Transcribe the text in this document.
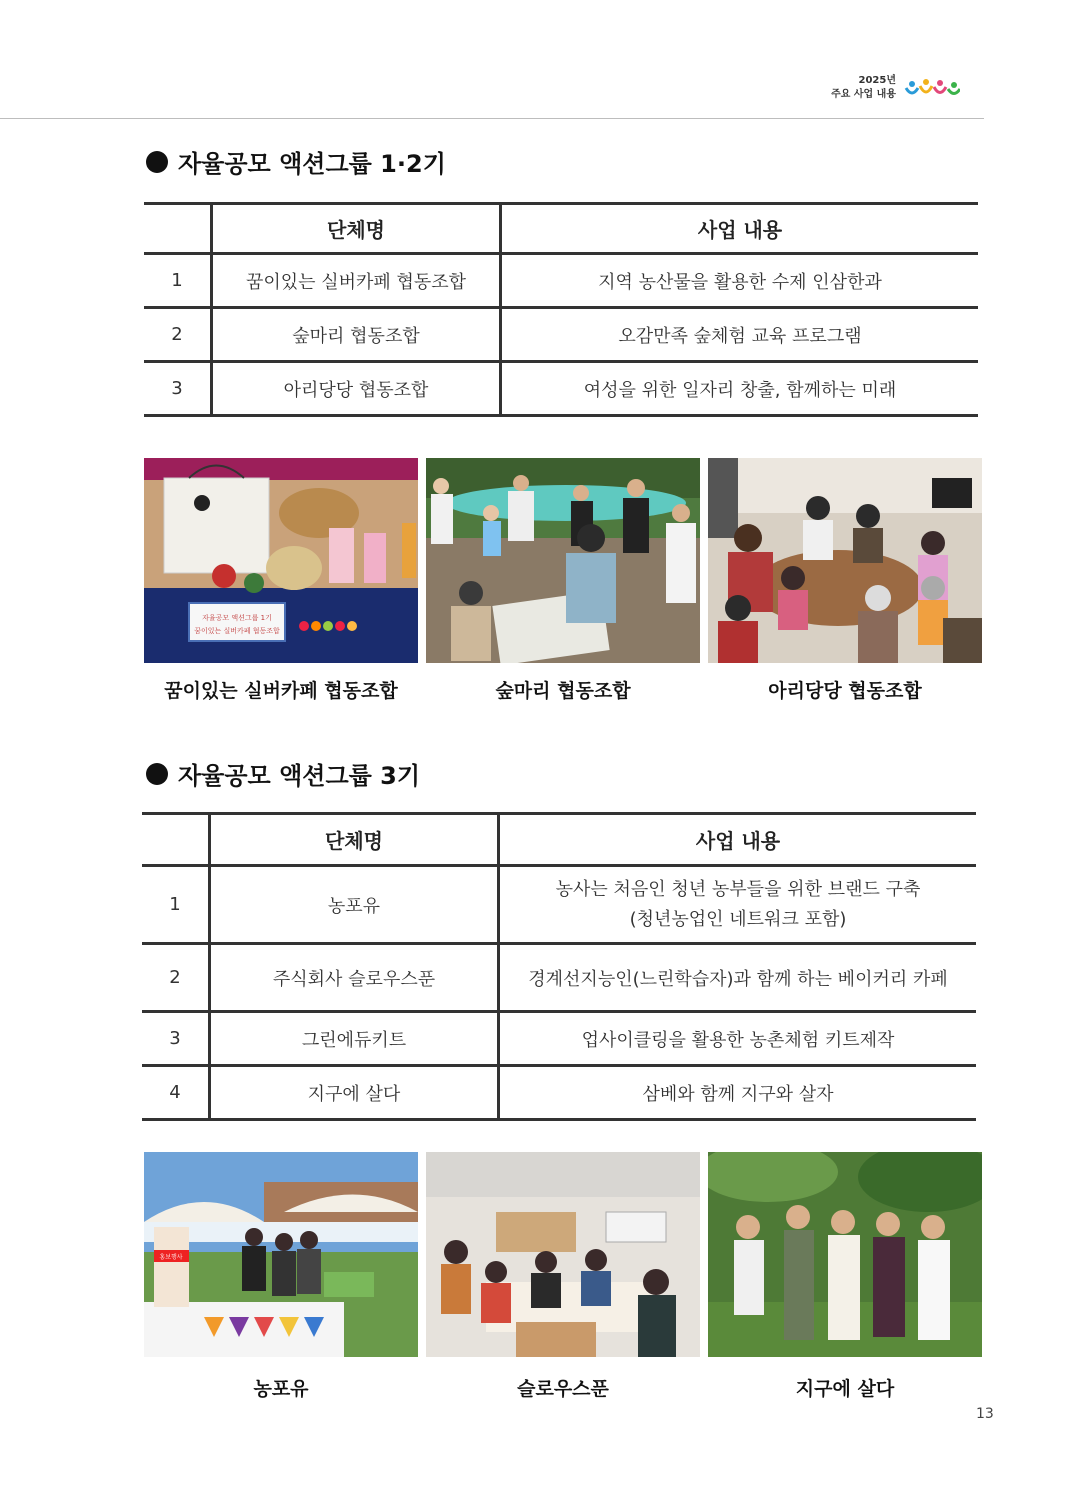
2025년
주요 사업 내용
자율공모 액션그룹 1·2기
	단체명	사업 내용
1	꿈이있는 실버카페 협동조합	지역 농산물을 활용한 수제 인삼한과
2	숲마리 협동조합	오감만족 숲체험 교육 프로그램
3	아리당당 협동조합	여성을 위한 일자리 창출, 함께하는 미래
자율공모 액션그룹 1기
꿈이있는 실버카페 협동조합
꿈이있는 실버카페 협동조합	숲마리 협동조합	아리당당 협동조합
자율공모 액션그룹 3기
	단체명	사업 내용
1	농포유	농사는 처음인 청년 농부들을 위한 브랜드 구축
(청년농업인 네트워크 포함)

2	주식회사 슬로우스푼	경계선지능인(느린학습자)과 함께 하는 베이커리 카페
3	그린에듀키트	업사이클링을 활용한 농촌체험 키트제작
4	지구에 살다	삼베와 함께 지구와 살자
홍보행사
농포유	슬로우스푼	지구에 살다
13
